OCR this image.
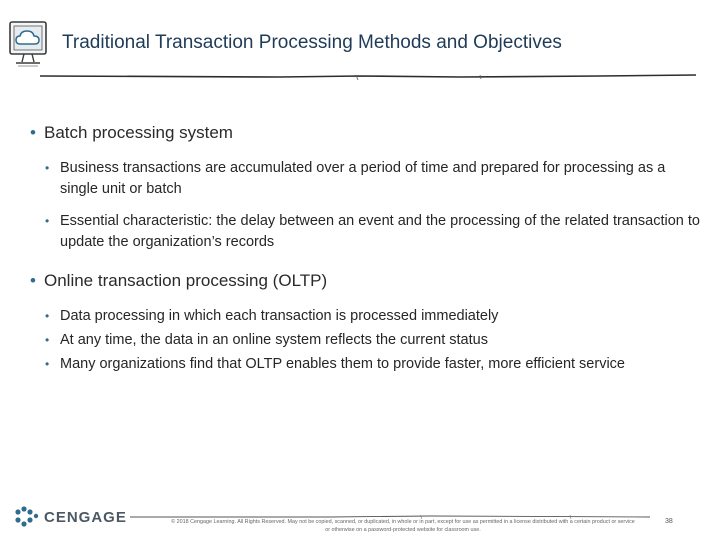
Traditional Transaction Processing Methods and Objectives
• Batch processing system
• Business transactions are accumulated over a period of time and prepared for processing as a single unit or batch
• Essential characteristic: the delay between an event and the processing of the related transaction to update the organization’s records
• Online transaction processing (OLTP)
• Data processing in which each transaction is processed immediately
• At any time, the data in an online system reflects the current status
• Many organizations find that OLTP enables them to provide faster, more efficient service
CENGAGE	© 2018 Cengage Learning. All Rights Reserved. May not be copied, scanned, or duplicated, in whole or in part, except for use as permitted in a license distributed with a certain product or service
or otherwise on a password-protected website for classroom use.
38
